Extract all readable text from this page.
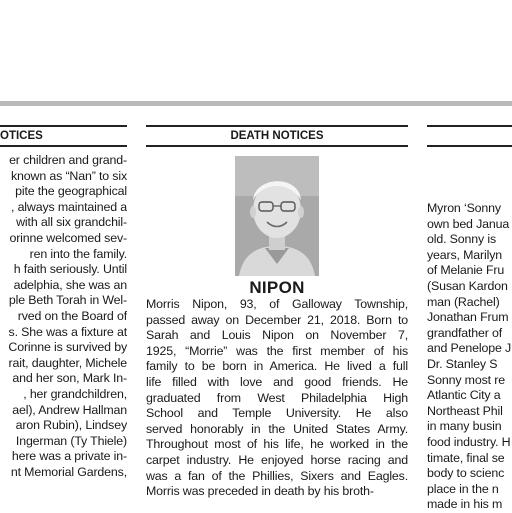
OTICES
er children and grand-
known as “Nan” to six
pite the geographical
, always maintained a
with all six grandchil-
orinne welcomed sev-
ren into the family.
h faith seriously. Until
adelphia, she was an
ple Beth Torah in Wel-
rved on the Board of
s. She was a fixture at
Corinne is survived by
rait, daughter, Michele
and her son, Mark In-
, her grandchildren,
ael), Andrew Hallman
aron Rubin), Lindsey
Ingerman (Ty Thiele)
here was a private in-
nt Memorial Gardens,
DEATH NOTICES
NIPON
Morris Nipon, 93, of Galloway Township,
passed away on December 21, 2018. Born to
Sarah and Louis Nipon on November 7,
1925, “Morrie” was the first member of his
family to be born in America. He lived a full
life filled with love and good friends. He
graduated from West Philadelphia High
School and Temple University. He also
served honorably in the United States Army.
Throughout most of his life, he worked in the
carpet industry. He enjoyed horse racing and
was a fan of the Phillies, Sixers and Eagles.
Morris was preceded in death by his broth-
Myron ‘Sonny
own bed Janua
old. Sonny is
years, Marilyn
of Melanie Fru
(Susan Kardon
man (Rachel)
Jonathan Frum
grandfather of
and Penelope J
Dr. Stanley S
Sonny most re
Atlantic City a
Northeast Phil
in many busin
food industry. H
timate, final se
body to scienc
place in the n
made in his m
